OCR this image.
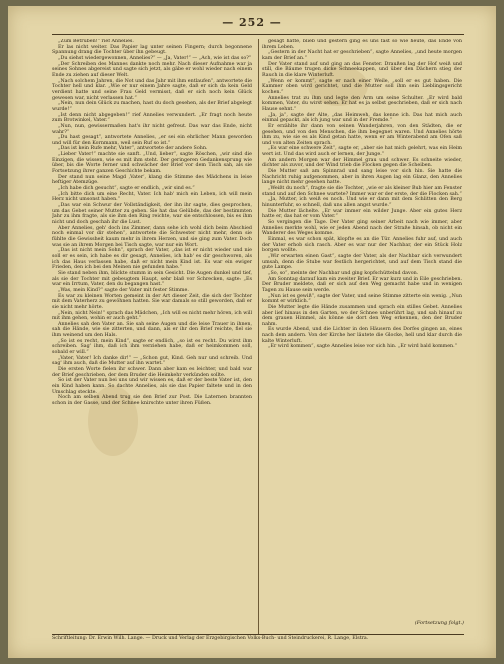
— 252 —

„Zum Betrüben!“ rief Annelies.

Er las nicht weiter. Das Papier lag unter seinen Fingern; durch begonnene Spannung drang die Tochter über ihn gebeugt.

„Du siehst wiedergewonnen, Annelies?“ — „Ja, Vater!“ — „Ach, wie ist das so?“

„Der Schreiben des Mannes dankte noch mehr. Nach dieser Aufnahme war ja seines Sohnes abgereist und sagte sich jetzt, als gäbe er wohl wieder nach einem Ende zu ziehen auf dieser Welt.

„Nach solchem Jahren, die Not und das Jahr mit ihm entlaufen“, antwortete die Tochter hell und klar. „Wie er nur einem Jahre sagte, daß er sich da kein Geld verdient hatte und seine Frau Geld vermisst, daß er sich noch kein Glück gewesen war, nicht verlassen hat.“

„Nein, nun dein Glück zu machen, hast du doch gesehen, als der Brief abgelegt wurde!“

„Ist denn nicht abgegeben!“ rief Annelies verwundert. „Er fragt noch heute zum Brotwinkel, Vater.“

„Nun, nun, gewissermaßen hat's ihr nicht gefreut. Das war das Ende, nicht wahr?“

„Du hast gesagt“, antwortete Annelies, „er sei ein ehrlicher Mann geworden und will für den Kornmann, weil sein Ruf so ist.“

„Das ist kein Rufe mehr, Vater“, antwortete der andere Sohn.

„Lieber Vater!“ machte sie sanft. „Und, lieber“, sagte Röschen, „wir sind die Einzigen, die wissen, wie es mit ihm steht. Der geringeren Gedankensprung wie über, bis die Worte ferner und schwächer der Brief vor dem Tisch sah, als sie Fortsetzung ihrer ganzen Geschichte bekam.

Der stand nun seine Magd ‚Vater‘, klang die Stimme des Mädchens in leise heftiger Atemzüge.

„Ich habe dich gesucht“, sagte er endlich, „wir sind es.“

„Ich bitte dich um eine Recht, Vater. Ich hab' mich ein Leben, ich will mein Herz nicht umsonst haben.“

„Das war ein Schwur der Vollständigkeit, der ihn ihr sagte, dies gesprochen, um das Gebet seiner Mutter zu geben. Sie hat das Gelübde, das der bestimmten Jahr zu ihm fragte, als sie ihm den Ring reichte, war sie entschlossen, bis es ihm nicht und doch geschah ihr die Lust.

Aber Annelies, geh' doch ins Zimmer, dann sehe ich wohl dich beim Abschied noch einmal vor dir stehen“, antwortete die Schwester nicht mehr, denn sie fühlte die Gewissheit kaum mehr in ihrem Herzen, und sie ging zum Vater. Doch was sie an ihrem Morgen bei Tisch sagte, war nur ein Wort.

„Das ist nicht mein Sohn“, sprach der Vater, „das ist er nicht wieder und nie soll er es sein, ich habe es dir gesagt, Annelies, ich hab' es dir geschworen, als ich das Haus verlassen habe, daß er nicht mein Kind ist. Es war ein ewiger Frieden, den ich bei den Meinen nie gefunden habe.“

Sie stand neben ihm, blickte stumm in sein Gesicht. Die Augen dunkel und tief, als sie der Tochter mit gebeugtem Haupt, sehr blaß vor Schrecken, sagte: „Es war ein Irrtum, Vater, den du begangen hast.“

„Was, mein Kind?“ sagte der Vater mit fester Stimme.

Es war zu kleinen Worten gemeint in der Art dieser Zeit, die sich der Tochter mit dem Vaterherz zu gewöhnen hatten. Sie war damals so still geworden, daß er sie nicht mehr hörte.

„Nein, nicht Nein!“ sprach das Mädchen, „Ich will es nicht mehr hören, ich will mit ihm gehen, wohin er auch geht.“

Annelies sah den Vater an. Sie sah seine Augen und die leise Trauer in ihnen, sah die Hände, wie sie zitterten, und dann, als er ihr den Brief reichte, fiel sie ihm weinend um den Hals.

„So ist es recht, mein Kind“, sagte er endlich, „so ist es recht. Du wirst ihm schreiben. Sag' ihm, daß ich ihm verziehen habe, daß er heimkommen soll, sobald er will.“

„Vater, Vater! Ich danke dir!“ — „Schon gut, Kind. Geh nur und schreib. Und sag' ihm auch, daß die Mutter auf ihn wartet.“

Die ersten Worte fielen ihr schwer. Dann aber kam es leichter, und bald war der Brief geschrieben, der dem Bruder die Heimkehr verkünden sollte.

So ist der Vater nun bei uns und wir wissen es, daß er der beste Vater ist, den ein Kind haben kann. So dachte Annelies, als sie das Papier faltete und in den Umschlag steckte.

Noch am selben Abend trug sie den Brief zur Post. Die Laternen brannten schon in der Gasse, und der Schnee knirschte unter ihren Füßen.

gesagt hatte, blieb und gestern ging es uns fast so wie heute, das Ende von ihrem Leben.

„Gestern in der Nacht hat er geschrieben“, sagte Annelies, „und heute morgen kam der Brief an.“

Der Vater stand auf und ging an das Fenster. Draußen lag der Hof weiß und still, die Bäume trugen dicke Schneekappen, und über den Dächern stieg der Rauch in die klare Winterluft.

„Wenn er kommt“, sagte er nach einer Weile, „soll er es gut haben. Die Kammer oben wird gerichtet, und die Mutter soll ihm sein Lieblingsgericht kochen.“

Annelies trat zu ihm und legte den Arm um seine Schulter. „Er wird bald kommen, Vater, du wirst sehen. Er hat es ja selbst geschrieben, daß er sich nach Hause sehnt.“

„Ja, ja“, sagte der Alte, „das Heimweh, das kenne ich. Das hat mich auch einmal gepackt, als ich jung war und in der Fremde.“

Er erzählte ihr dann von seinen Wanderjahren, von den Städten, die er gesehen, und von den Menschen, die ihm begegnet waren. Und Annelies hörte ihm zu, wie sie es als Kind getan hatte, wenn er am Winterabend am Ofen saß und von alten Zeiten sprach.

„Es war eine schwere Zeit“, sagte er, „aber sie hat mich gelehrt, was ein Heim wert ist. Und das wird auch er lernen, der Junge.“

Am andern Morgen war der Himmel grau und schwer. Es schneite wieder, dichter als zuvor, und der Wind trieb die Flocken gegen die Scheiben.

Die Mutter saß am Spinnrad und sang leise vor sich hin. Sie hatte die Nachricht ruhig aufgenommen, aber in ihren Augen lag ein Glanz, den Annelies lange nicht mehr gesehen hatte.

„Weißt du noch“, fragte sie die Tochter, „wie er als kleiner Bub hier am Fenster stand und auf den Schnee wartete? Immer war er der erste, der die Flocken sah.“

„Ja, Mutter, ich weiß es noch. Und wie er dann mit dem Schlitten den Berg hinunterfuhr, so schnell, daß uns allen angst wurde.“

Die Mutter lächelte. „Er war immer ein wilder Junge. Aber ein gutes Herz hatte er, das hat er vom Vater.“

So vergingen die Tage. Der Vater ging seiner Arbeit nach wie immer, aber Annelies merkte wohl, wie er jeden Abend nach der Straße hinsah, ob nicht ein Wanderer des Weges komme.

Einmal, es war schon spät, klopfte es an die Tür. Annelies fuhr auf, und auch der Vater erhob sich rasch. Aber es war nur der Nachbar, der ein Stück Holz borgen wollte.

„Wir erwarten einen Gast“, sagte der Vater, als der Nachbar sich verwundert umsah, denn die Stube war festlich hergerichtet, und auf dem Tisch stand die gute Lampe.

„So, so“, meinte der Nachbar und ging kopfschüttelnd davon.

Am Sonntag darauf kam ein zweiter Brief. Er war kurz und in Eile geschrieben. Der Bruder meldete, daß er sich auf den Weg gemacht habe und in wenigen Tagen zu Hause sein werde.

„Nun ist es gewiß“, sagte der Vater, und seine Stimme zitterte ein wenig. „Nun kommt er wirklich.“

Die Mutter legte die Hände zusammen und sprach ein stilles Gebet. Annelies aber lief hinaus in den Garten, wo der Schnee unberührt lag, und sah hinauf zu dem grauen Himmel, als könne sie dort den Weg erkennen, den der Bruder nahm.

Es wurde Abend, und die Lichter in den Häusern des Dorfes gingen an, eines nach dem andern. Von der Kirche her läutete die Glocke, hell und klar durch die kalte Winterluft.

„Er wird kommen“, sagte Annelies leise vor sich hin. „Er wird bald kommen.“

(Fortsetzung folgt.)
Schriftleitung: Dr. Erwin Wilh. Lange. — Druck und Verlag der Erzgebirgischen Volks-Buch- und Steindruckerei, R. Lange, Elstra.
